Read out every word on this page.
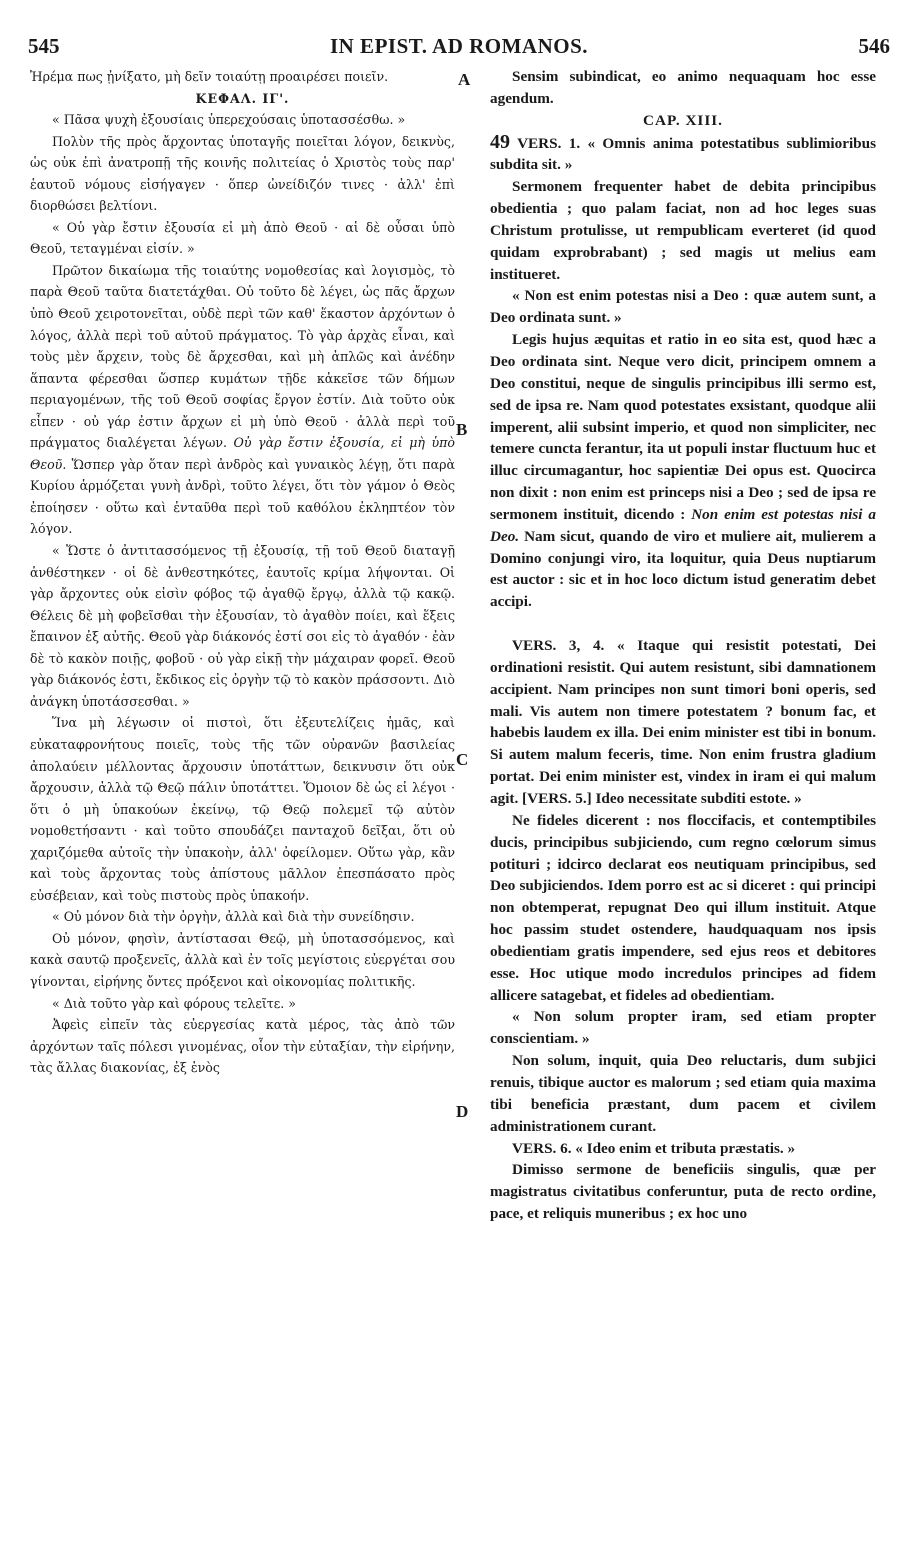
545	IN EPIST. AD ROMANOS.	546
A
B
C
D
Ἠρέμα πως ᾐνίξατο, μὴ δεῖν τοιαύτῃ προαιρέσει ποιεῖν.
ΚΕΦΑΛ. ΙΓ'.
« Πᾶσα ψυχὴ ἐξουσίαις ὑπερεχούσαις ὑποτασσέσθω. »
Πολὺν τῆς πρὸς ἄρχοντας ὑποταγῆς ποιεῖται λόγον, δεικνὺς, ὡς οὐκ ἐπὶ ἀνατροπῇ τῆς κοινῆς πολιτείας ὁ Χριστὸς τοὺς παρ' ἑαυτοῦ νόμους εἰσήγαγεν · ὅπερ ὠνείδιζόν τινες · ἀλλ' ἐπὶ διορθώσει βελτίονι.
« Οὐ γὰρ ἔστιν ἐξουσία εἰ μὴ ἀπὸ Θεοῦ · αἱ δὲ οὖσαι ὑπὸ Θεοῦ, τεταγμέναι εἰσίν. »
Πρῶτον δικαίωμα τῆς τοιαύτης νομοθεσίας καὶ λογισμὸς, τὸ παρὰ Θεοῦ ταῦτα διατετάχθαι. Οὐ τοῦτο δὲ λέγει, ὡς πᾶς ἄρχων ὑπὸ Θεοῦ χειροτονεῖται, οὐδὲ περὶ τῶν καθ' ἕκαστον ἀρχόντων ὁ λόγος, ἀλλὰ περὶ τοῦ αὐτοῦ πράγματος. Τὸ γὰρ ἀρχὰς εἶναι, καὶ τοὺς μὲν ἄρχειν, τοὺς δὲ ἄρχεσθαι, καὶ μὴ ἁπλῶς καὶ ἀνέδην ἅπαντα φέρεσθαι ὥσπερ κυμάτων τῇδε κἀκεῖσε τῶν δήμων περιαγομένων, τῆς τοῦ Θεοῦ σοφίας ἔργον ἐστίν. Διὰ τοῦτο οὐκ εἶπεν · οὐ γάρ ἐστιν ἄρχων εἰ μὴ ὑπὸ Θεοῦ · ἀλλὰ περὶ τοῦ πράγματος διαλέγεται λέγων. Οὐ γὰρ ἔστιν ἐξουσία, εἰ μὴ ὑπὸ Θεοῦ. Ὥσπερ γὰρ ὅταν περὶ ἀνδρὸς καὶ γυναικὸς λέγῃ, ὅτι παρὰ Κυρίου ἁρμόζεται γυνὴ ἀνδρὶ, τοῦτο λέγει, ὅτι τὸν γάμον ὁ Θεὸς ἐποίησεν · οὕτω καὶ ἐνταῦθα περὶ τοῦ καθόλου ἐκληπτέον τὸν λόγον.
« Ὥστε ὁ ἀντιτασσόμενος τῇ ἐξουσίᾳ, τῇ τοῦ Θεοῦ διαταγῇ ἀνθέστηκεν · οἱ δὲ ἀνθεστηκότες, ἑαυτοῖς κρίμα λήψονται. Οἱ γὰρ ἄρχοντες οὐκ εἰσὶν φόβος τῷ ἀγαθῷ ἔργῳ, ἀλλὰ τῷ κακῷ. Θέλεις δὲ μὴ φοβεῖσθαι τὴν ἐξουσίαν, τὸ ἀγαθὸν ποίει, καὶ ἕξεις ἔπαινον ἐξ αὐτῆς. Θεοῦ γὰρ διάκονός ἐστί σοι εἰς τὸ ἀγαθόν · ἐὰν δὲ τὸ κακὸν ποιῇς, φοβοῦ · οὐ γὰρ εἰκῇ τὴν μάχαιραν φορεῖ. Θεοῦ γὰρ διάκονός ἐστι, ἔκδικος εἰς ὀργὴν τῷ τὸ κακὸν πράσσοντι. Διὸ ἀνάγκη ὑποτάσσεσθαι. »
Ἵνα μὴ λέγωσιν οἱ πιστοὶ, ὅτι ἐξευτελίζεις ἡμᾶς, καὶ εὐκαταφρονήτους ποιεῖς, τοὺς τῆς τῶν οὐρανῶν βασιλείας ἀπολαύειν μέλλοντας ἄρχουσιν ὑποτάττων, δεικνυσιν ὅτι οὐκ ἄρχουσιν, ἀλλὰ τῷ Θεῷ πάλιν ὑποτάττει. Ὅμοιον δὲ ὡς εἰ λέγοι · ὅτι ὁ μὴ ὑπακούων ἐκείνῳ, τῷ Θεῷ πολεμεῖ τῷ αὐτὸν νομοθετήσαντι · καὶ τοῦτο σπουδάζει πανταχοῦ δεῖξαι, ὅτι οὐ χαριζόμεθα αὐτοῖς τὴν ὑπακοὴν, ἀλλ' ὀφείλομεν. Οὕτω γὰρ, κἂν καὶ τοὺς ἄρχοντας τοὺς ἀπίστους μᾶλλον ἐπεσπάσατο πρὸς εὐσέβειαν, καὶ τοὺς πιστοὺς πρὸς ὑπακοήν.
« Οὐ μόνον διὰ τὴν ὀργὴν, ἀλλὰ καὶ διὰ τὴν συνείδησιν.
Οὐ μόνον, φησὶν, ἀντίστασαι Θεῷ, μὴ ὑποτασσόμενος, καὶ κακὰ σαυτῷ προξενεῖς, ἀλλὰ καὶ ἐν τοῖς μεγίστοις εὐεργέται σου γίνονται, εἰρήνης ὄντες πρόξενοι καὶ οἰκονομίας πολιτικῆς.
« Διὰ τοῦτο γὰρ καὶ φόρους τελεῖτε. »
Ἀφεὶς εἰπεῖν τὰς εὐεργεσίας κατὰ μέρος, τὰς ἀπὸ τῶν ἀρχόντων ταῖς πόλεσι γινομένας, οἷον τὴν εὐταξίαν, τὴν εἰρήνην, τὰς ἄλλας διακονίας, ἐξ ἑνὸς
Sensim subindicat, eo animo nequaquam hoc esse agendum.
CAP. XIII.
49 VERS. 1. « Omnis anima potestatibus sublimioribus subdita sit. »
Sermonem frequenter habet de debita principibus obedientia ; quo palam faciat, non ad hoc leges suas Christum protulisse, ut rempublicam everteret (id quod quidam exprobrabant) ; sed magis ut melius eam institueret.
« Non est enim potestas nisi a Deo : quæ autem sunt, a Deo ordinata sunt. »
Legis hujus æquitas et ratio in eo sita est, quod hæc a Deo ordinata sint. Neque vero dicit, principem omnem a Deo constitui, neque de singulis principibus illi sermo est, sed de ipsa re. Nam quod potestates exsistant, quodque alii imperent, alii subsint imperio, et quod non simpliciter, nec temere cuncta ferantur, ita ut populi instar fluctuum huc et illuc circumagantur, hoc sapientiæ Dei opus est. Quocirca non dixit : non enim est princeps nisi a Deo ; sed de ipsa re sermonem instituit, dicendo : Non enim est potestas nisi a Deo. Nam sicut, quando de viro et muliere ait, mulierem a Domino conjungi viro, ita loquitur, quia Deus nuptiarum est auctor : sic et in hoc loco dictum istud generatim debet accipi.
VERS. 3, 4. « Itaque qui resistit potestati, Dei ordinationi resistit. Qui autem resistunt, sibi damnationem accipient. Nam principes non sunt timori boni operis, sed mali. Vis autem non timere potestatem ? bonum fac, et habebis laudem ex illa. Dei enim minister est tibi in bonum. Si autem malum feceris, time. Non enim frustra gladium portat. Dei enim minister est, vindex in iram ei qui malum agit. [VERS. 5.] Ideo necessitate subditi estote. »
Ne fideles dicerent : nos floccifacis, et contemptibiles ducis, principibus subjiciendo, cum regno cœlorum simus potituri ; idcirco declarat eos neutiquam principibus, sed Deo subjiciendos. Idem porro est ac si diceret : qui principi non obtemperat, repugnat Deo qui illum instituit. Atque hoc passim studet ostendere, haudquaquam nos ipsis obedientiam gratis impendere, sed ejus reos et debitores esse. Hoc utique modo incredulos principes ad fidem allicere satagebat, et fideles ad obedientiam.
« Non solum propter iram, sed etiam propter conscientiam. »
Non solum, inquit, quia Deo reluctaris, dum subjici renuis, tibique auctor es malorum ; sed etiam quia maxima tibi beneficia præstant, dum pacem et civilem administrationem curant.
VERS. 6. « Ideo enim et tributa præstatis. »
Dimisso sermone de beneficiis singulis, quæ per magistratus civitatibus conferuntur, puta de recto ordine, pace, et reliquis muneribus ; ex hoc uno
